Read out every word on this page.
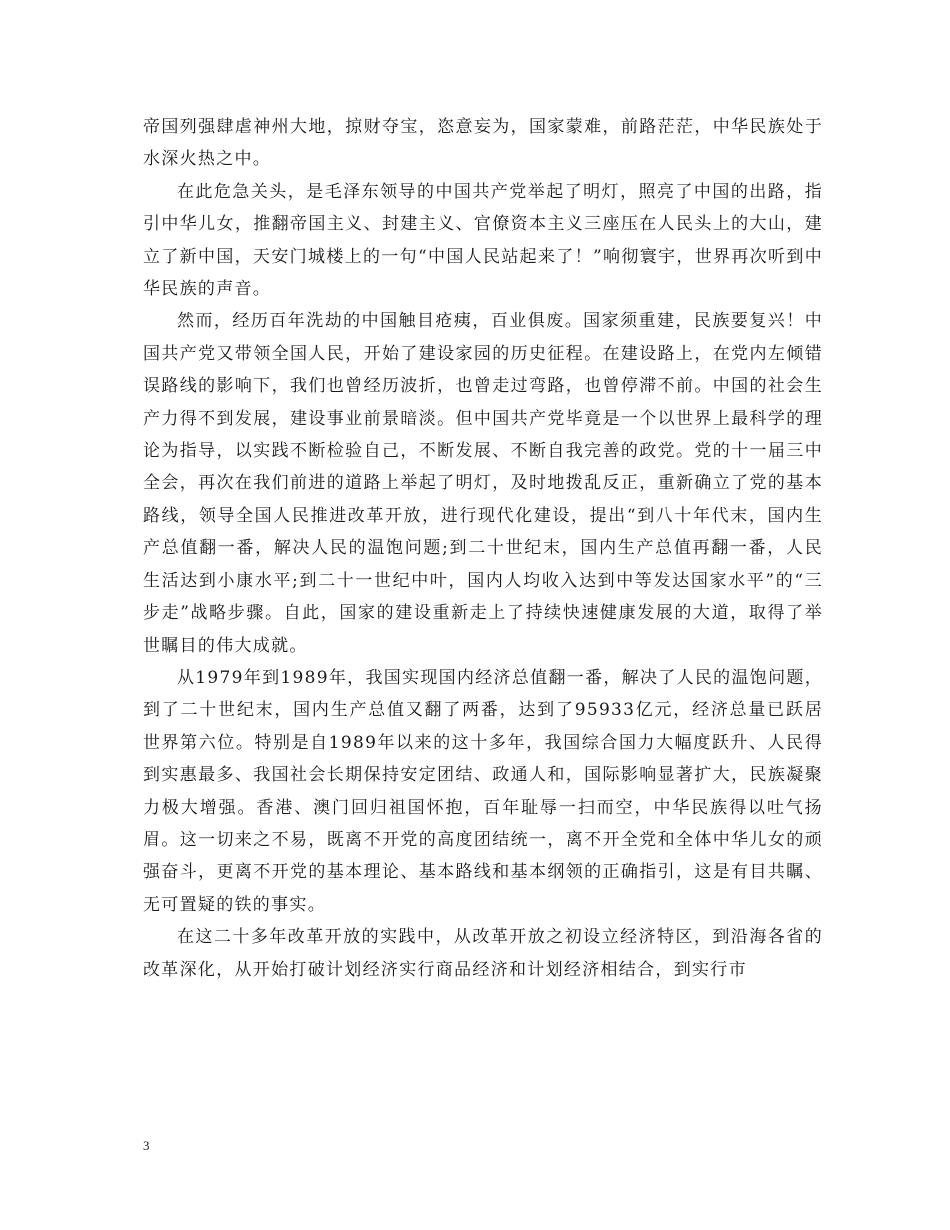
帝国列强肆虐神州大地，掠财夺宝，恣意妄为，国家蒙难，前路茫茫，中华民族处于水深火热之中。

在此危急关头，是毛泽东领导的中国共产党举起了明灯，照亮了中国的出路，指引中华儿女，推翻帝国主义、封建主义、官僚资本主义三座压在人民头上的大山，建立了新中国，天安门城楼上的一句“中国人民站起来了！”响彻寰宇，世界再次听到中华民族的声音。

然而，经历百年洗劫的中国触目疮痍，百业俱废。国家须重建，民族要复兴！中国共产党又带领全国人民，开始了建设家园的历史征程。在建设路上，在党内左倾错误路线的影响下，我们也曾经历波折，也曾走过弯路，也曾停滞不前。中国的社会生产力得不到发展，建设事业前景暗淡。但中国共产党毕竟是一个以世界上最科学的理论为指导，以实践不断检验自己，不断发展、不断自我完善的政党。党的十一届三中全会，再次在我们前进的道路上举起了明灯，及时地拨乱反正，重新确立了党的基本路线，领导全国人民推进改革开放，进行现代化建设，提出“到八十年代末，国内生产总值翻一番，解决人民的温饱问题;到二十世纪末，国内生产总值再翻一番，人民生活达到小康水平;到二十一世纪中叶，国内人均收入达到中等发达国家水平”的“三步走”战略步骤。自此，国家的建设重新走上了持续快速健康发展的大道，取得了举世瞩目的伟大成就。

从1979年到1989年，我国实现国内经济总值翻一番，解决了人民的温饱问题，到了二十世纪末，国内生产总值又翻了两番，达到了95933亿元，经济总量已跃居世界第六位。特别是自1989年以来的这十多年，我国综合国力大幅度跃升、人民得到实惠最多、我国社会长期保持安定团结、政通人和，国际影响显著扩大，民族凝聚力极大增强。香港、澳门回归祖国怀抱，百年耻辱一扫而空，中华民族得以吐气扬眉。这一切来之不易，既离不开党的高度团结统一，离不开全党和全体中华儿女的顽强奋斗，更离不开党的基本理论、基本路线和基本纲领的正确指引，这是有目共瞩、无可置疑的铁的事实。

在这二十多年改革开放的实践中，从改革开放之初设立经济特区，到沿海各省的改革深化，从开始打破计划经济实行商品经济和计划经济相结合，到实行市

3
